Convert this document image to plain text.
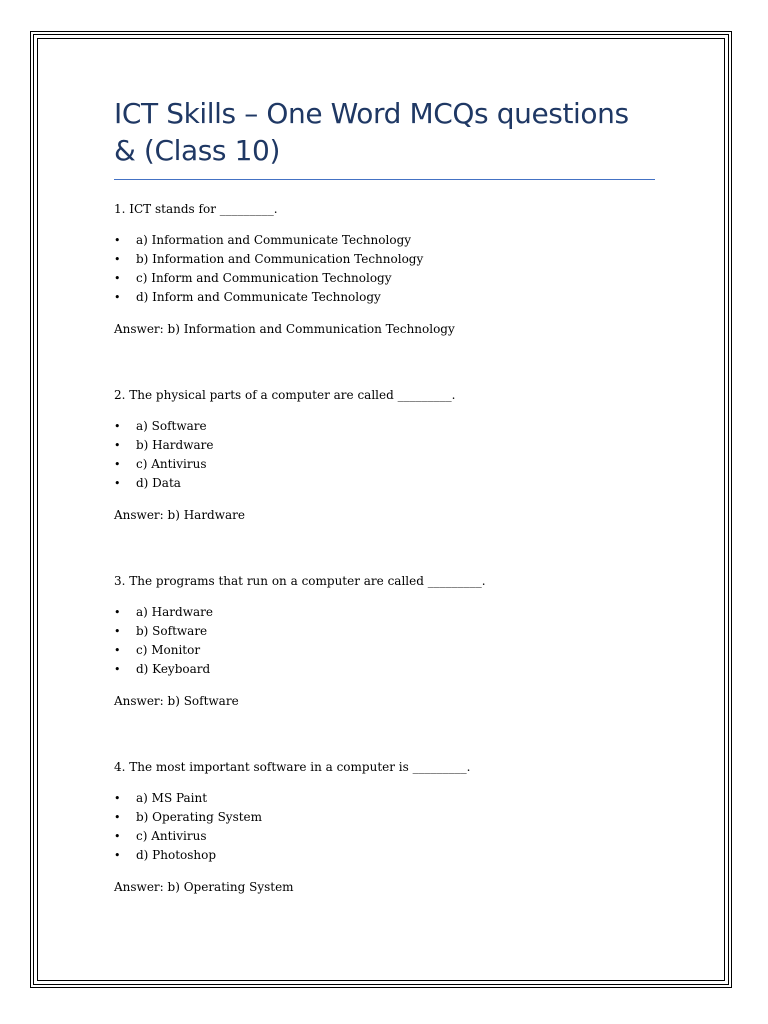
ICT Skills – One Word MCQs questions
& (Class 10)

1. ICT stands for _________.

• a) Information and Communicate Technology
• b) Information and Communication Technology
• c) Inform and Communication Technology
• d) Inform and Communicate Technology

Answer: b) Information and Communication Technology

2. The physical parts of a computer are called _________.

• a) Software
• b) Hardware
• c) Antivirus
• d) Data

Answer: b) Hardware

3. The programs that run on a computer are called _________.

• a) Hardware
• b) Software
• c) Monitor
• d) Keyboard

Answer: b) Software

4. The most important software in a computer is _________.

• a) MS Paint
• b) Operating System
• c) Antivirus
• d) Photoshop

Answer: b) Operating System
